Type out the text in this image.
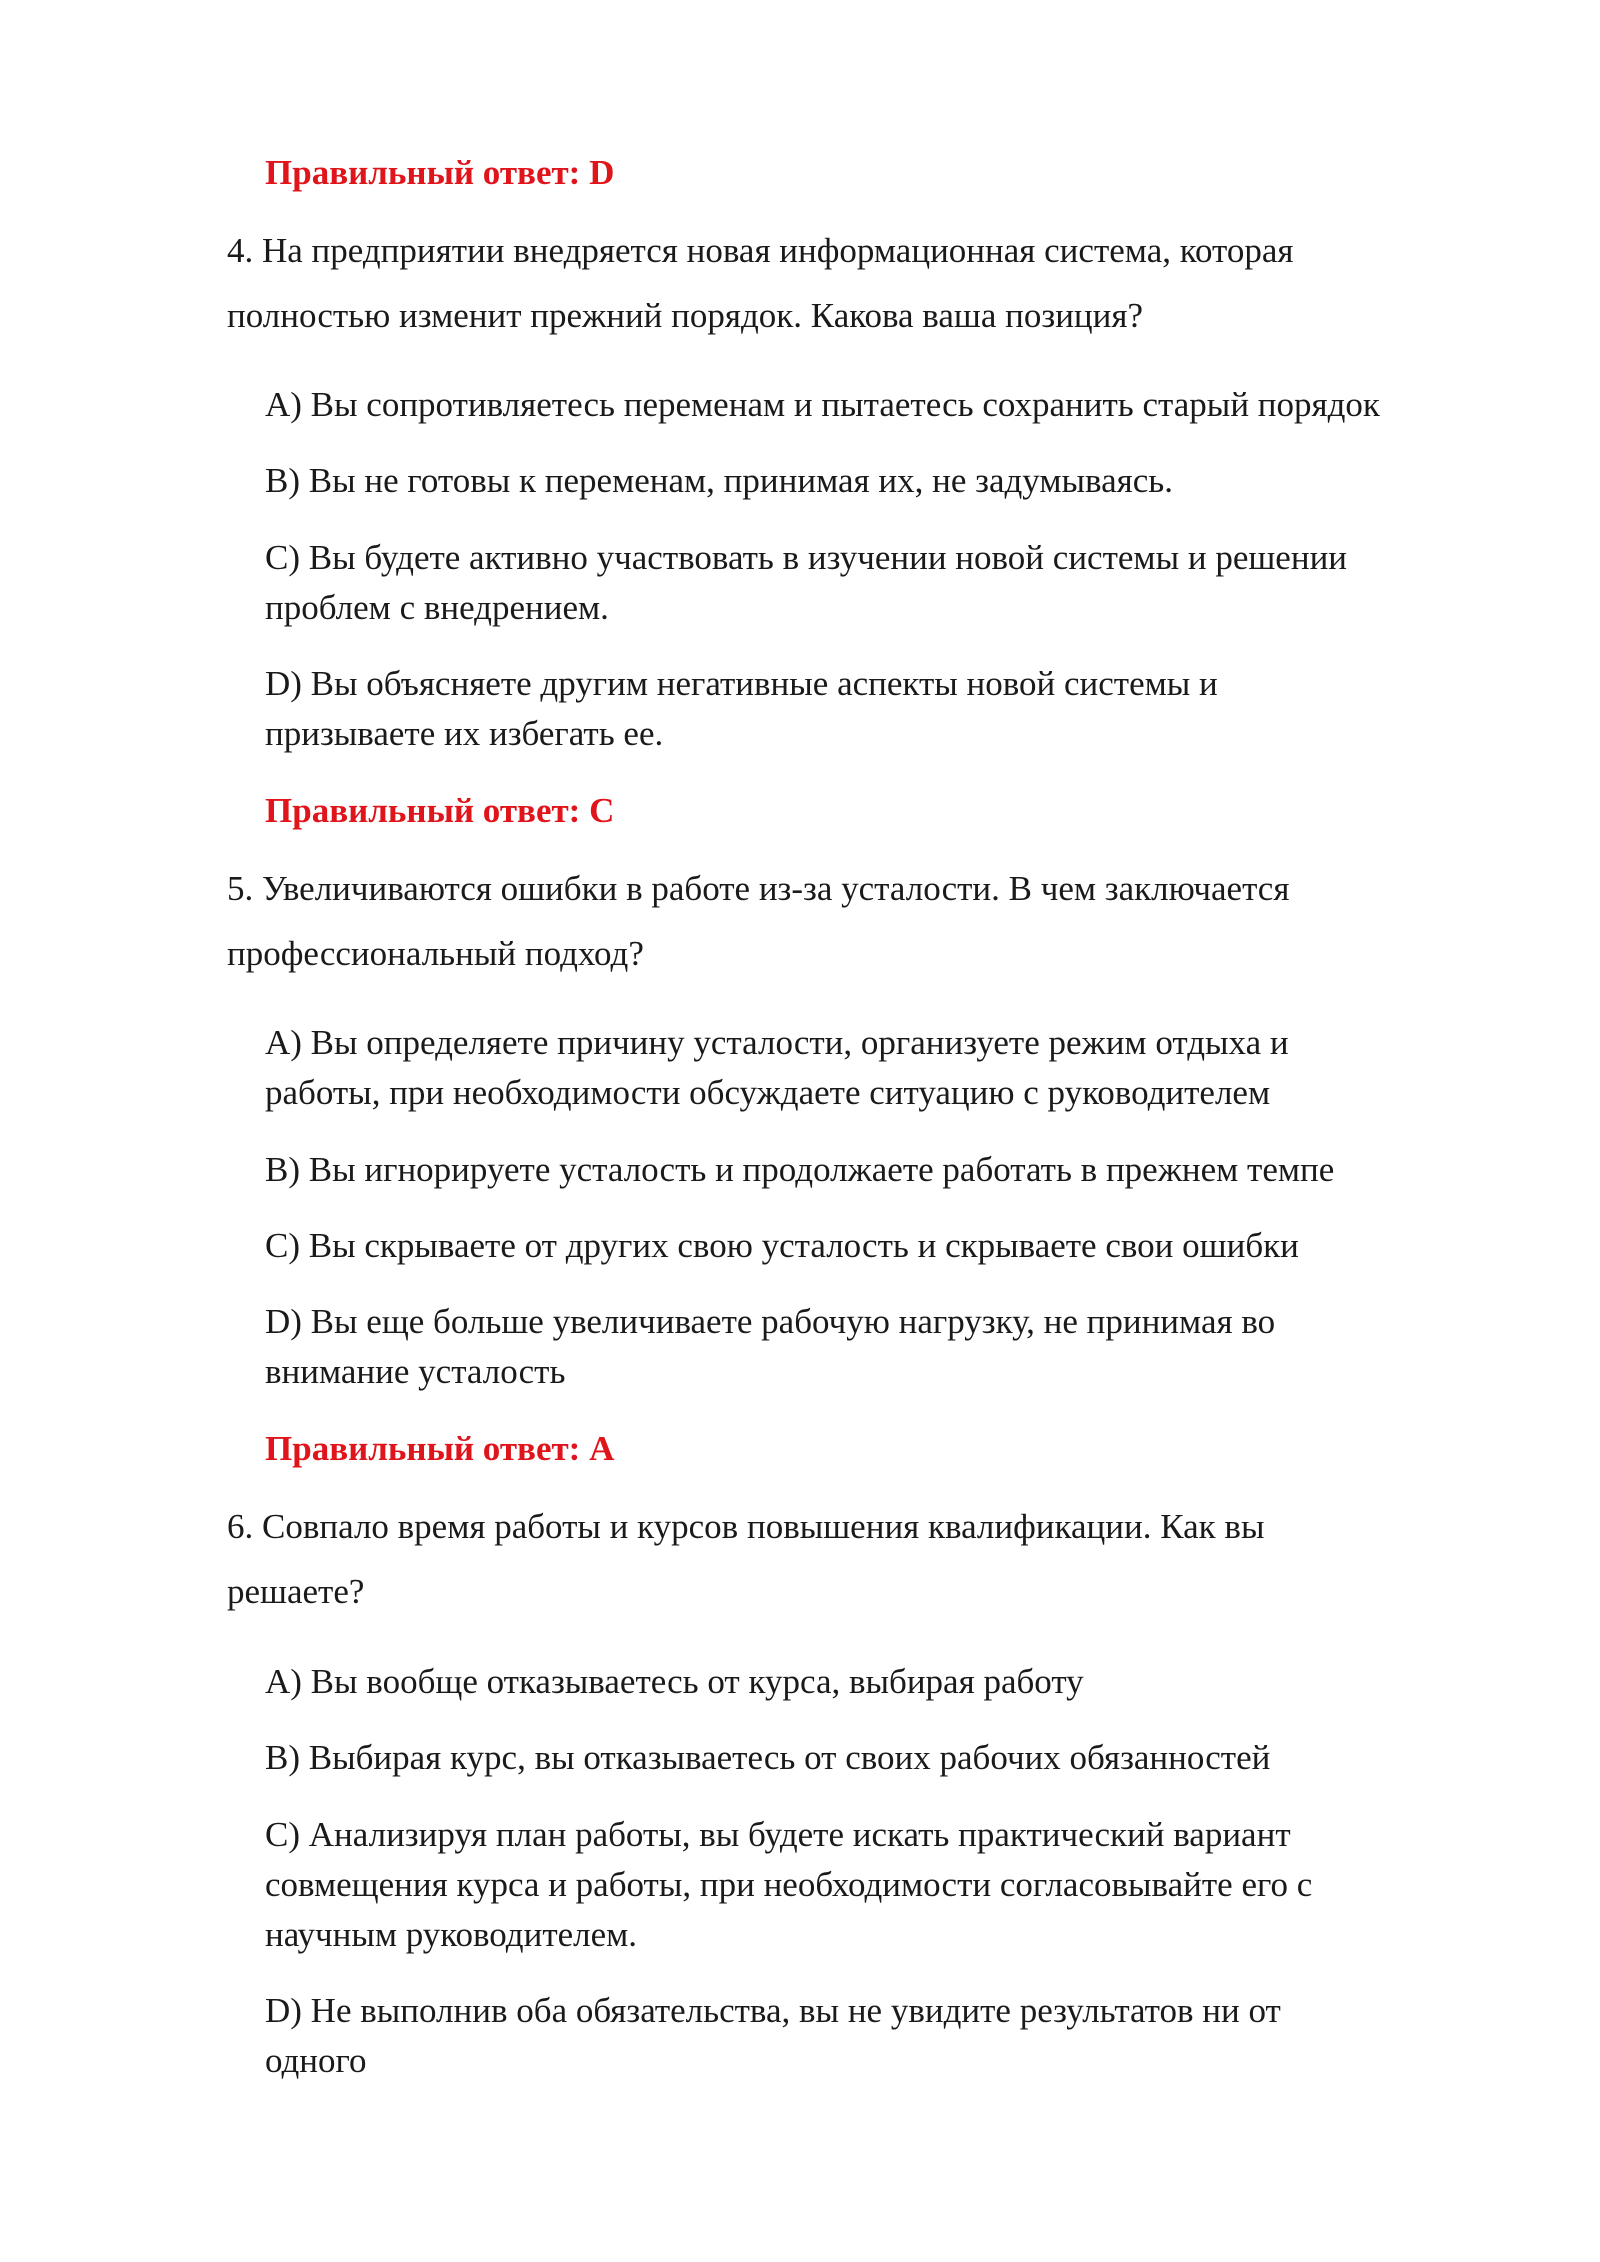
Правильный ответ: D

4. На предприятии внедряется новая информационная система, которая

полностью изменит прежний порядок. Какова ваша позиция?

A) Вы сопротивляетесь переменам и пытаетесь сохранить старый порядок

B) Вы не готовы к переменам, принимая их, не задумываясь.

C) Вы будете активно участвовать в изучении новой системы и решении

проблем с внедрением.

D) Вы объясняете другим негативные аспекты новой системы и

призываете их избегать ее.

Правильный ответ: C

5. Увеличиваются ошибки в работе из-за усталости. В чем заключается

профессиональный подход?

A) Вы определяете причину усталости, организуете режим отдыха и

работы, при необходимости обсуждаете ситуацию с руководителем

B) Вы игнорируете усталость и продолжаете работать в прежнем темпе

C) Вы скрываете от других свою усталость и скрываете свои ошибки

D) Вы еще больше увеличиваете рабочую нагрузку, не принимая во

внимание усталость

Правильный ответ: A

6. Совпало время работы и курсов повышения квалификации. Как вы

решаете?

A) Вы вообще отказываетесь от курса, выбирая работу

B) Выбирая курс, вы отказываетесь от своих рабочих обязанностей

C) Анализируя план работы, вы будете искать практический вариант

совмещения курса и работы, при необходимости согласовывайте его с

научным руководителем.

D) Не выполнив оба обязательства, вы не увидите результатов ни от

одного
